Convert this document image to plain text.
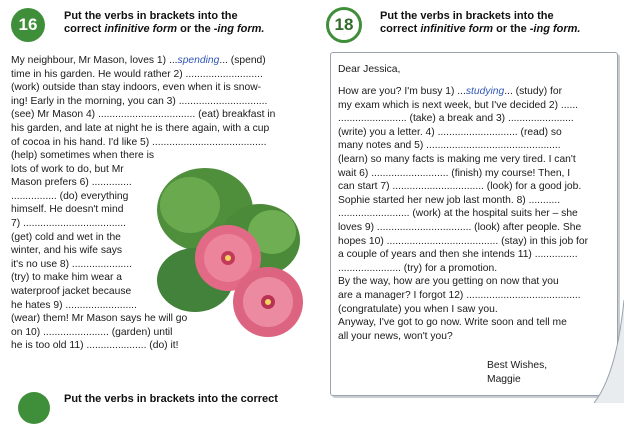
16	Put the verbs in brackets into the
correct infinitive form or the -ing form.
My neighbour, Mr Mason, loves 1) ...spending... (spend)
time in his garden. He would rather 2) ...........................
(work) outside than stay indoors, even when it is snow-
ing! Early in the morning, you can 3) ...............................
(see) Mr Mason 4) .................................. (eat) breakfast in
his garden, and late at night he is there again, with a cup
of cocoa in his hand. I'd like 5) ........................................
(help) sometimes when there is
lots of work to do, but Mr
Mason prefers 6) ..............
................ (do) everything
himself. He doesn't mind
7) ....................................
(get) cold and wet in the
winter, and his wife says
it's no use 8) .....................
(try) to make him wear a
waterproof jacket because
he hates 9) .........................
(wear) them! Mr Mason says he will go
on 10) ....................... (garden) until
he is too old 11) ..................... (do) it!
18	Put the verbs in brackets into the
correct infinitive form or the -ing form.
Dear Jessica,
How are you? I'm busy 1) ...studying... (study) for
my exam which is next week, but I've decided 2) ......
........................ (take) a break and 3) .......................
(write) you a letter. 4) ............................ (read) so
many notes and 5) ...............................................
(learn) so many facts is making me very tired. I can't
wait 6) ........................... (finish) my course! Then, I
can start 7) ................................ (look) for a good job.
Sophie started her new job last month. 8) ...........
......................... (work) at the hospital suits her – she
loves 9) ................................. (look) after people. She
hopes 10) ....................................... (stay) in this job for
a couple of years and then she intends 11) ...............
...................... (try) for a promotion.
By the way, how are you getting on now that you
are a manager? I forgot 12) ........................................
(congratulate) you when I saw you.
Anyway, I've got to go now. Write soon and tell me
all your news, won't you?
Best Wishes,
Maggie
Put the verbs in brackets into the correct
